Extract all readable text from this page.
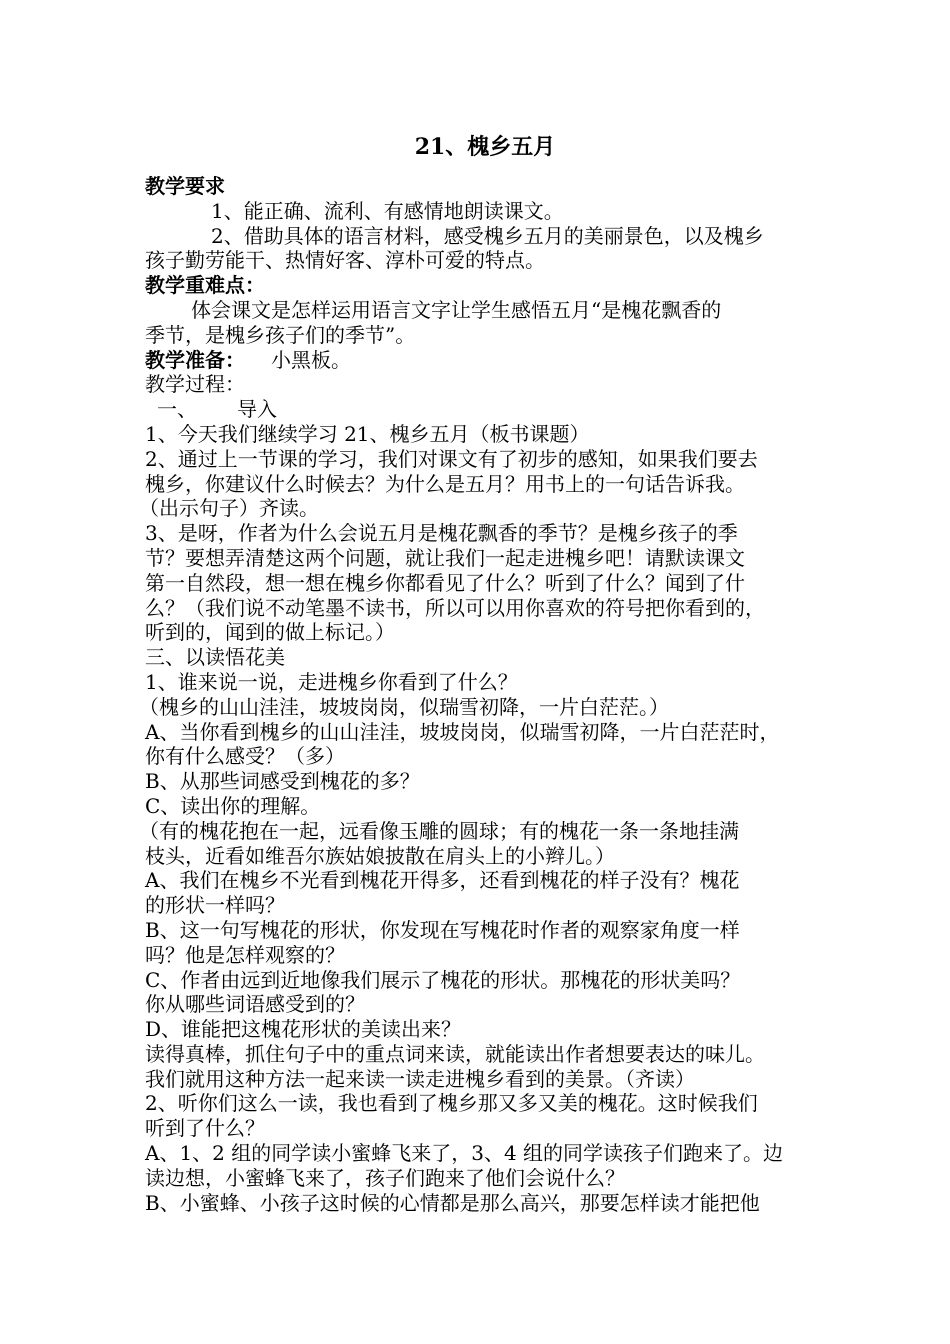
21、槐乡五月
教学要求
1、能正确、流利、有感情地朗读课文。
2、借助具体的语言材料，感受槐乡五月的美丽景色，以及槐乡
孩子勤劳能干、热情好客、淳朴可爱的特点。
教学重难点：
体会课文是怎样运用语言文字让学生感悟五月“是槐花飘香的
季节，是槐乡孩子们的季节”。
教学准备： 小黑板。
教学过程：
一、 导入
1、今天我们继续学习 21、槐乡五月（板书课题）
2、通过上一节课的学习，我们对课文有了初步的感知，如果我们要去
槐乡，你建议什么时候去？为什么是五月？用书上的一句话告诉我。
（出示句子）齐读。
3、是呀，作者为什么会说五月是槐花飘香的季节？是槐乡孩子的季
节？要想弄清楚这两个问题，就让我们一起走进槐乡吧！请默读课文
第一自然段，想一想在槐乡你都看见了什么？听到了什么？闻到了什
么？（我们说不动笔墨不读书，所以可以用你喜欢的符号把你看到的，
听到的，闻到的做上标记。）
三、以读悟花美
1、谁来说一说，走进槐乡你看到了什么？
（槐乡的山山洼洼，坡坡岗岗，似瑞雪初降，一片白茫茫。）
A、当你看到槐乡的山山洼洼，坡坡岗岗，似瑞雪初降，一片白茫茫时，
你有什么感受？（多）
B、从那些词感受到槐花的多？
C、读出你的理解。
（有的槐花抱在一起，远看像玉雕的圆球；有的槐花一条一条地挂满
枝头，近看如维吾尔族姑娘披散在肩头上的小辫儿。）
A、我们在槐乡不光看到槐花开得多，还看到槐花的样子没有？槐花
的形状一样吗？
B、这一句写槐花的形状，你发现在写槐花时作者的观察家角度一样
吗？他是怎样观察的？
C、作者由远到近地像我们展示了槐花的形状。那槐花的形状美吗？
你从哪些词语感受到的？
D、谁能把这槐花形状的美读出来？
读得真棒，抓住句子中的重点词来读，就能读出作者想要表达的味儿。
我们就用这种方法一起来读一读走进槐乡看到的美景。（齐读）
2、听你们这么一读，我也看到了槐乡那又多又美的槐花。这时候我们
听到了什么？
A、1、2 组的同学读小蜜蜂飞来了，3、4 组的同学读孩子们跑来了。边
读边想，小蜜蜂飞来了，孩子们跑来了他们会说什么？
B、小蜜蜂、小孩子这时候的心情都是那么高兴，那要怎样读才能把他
